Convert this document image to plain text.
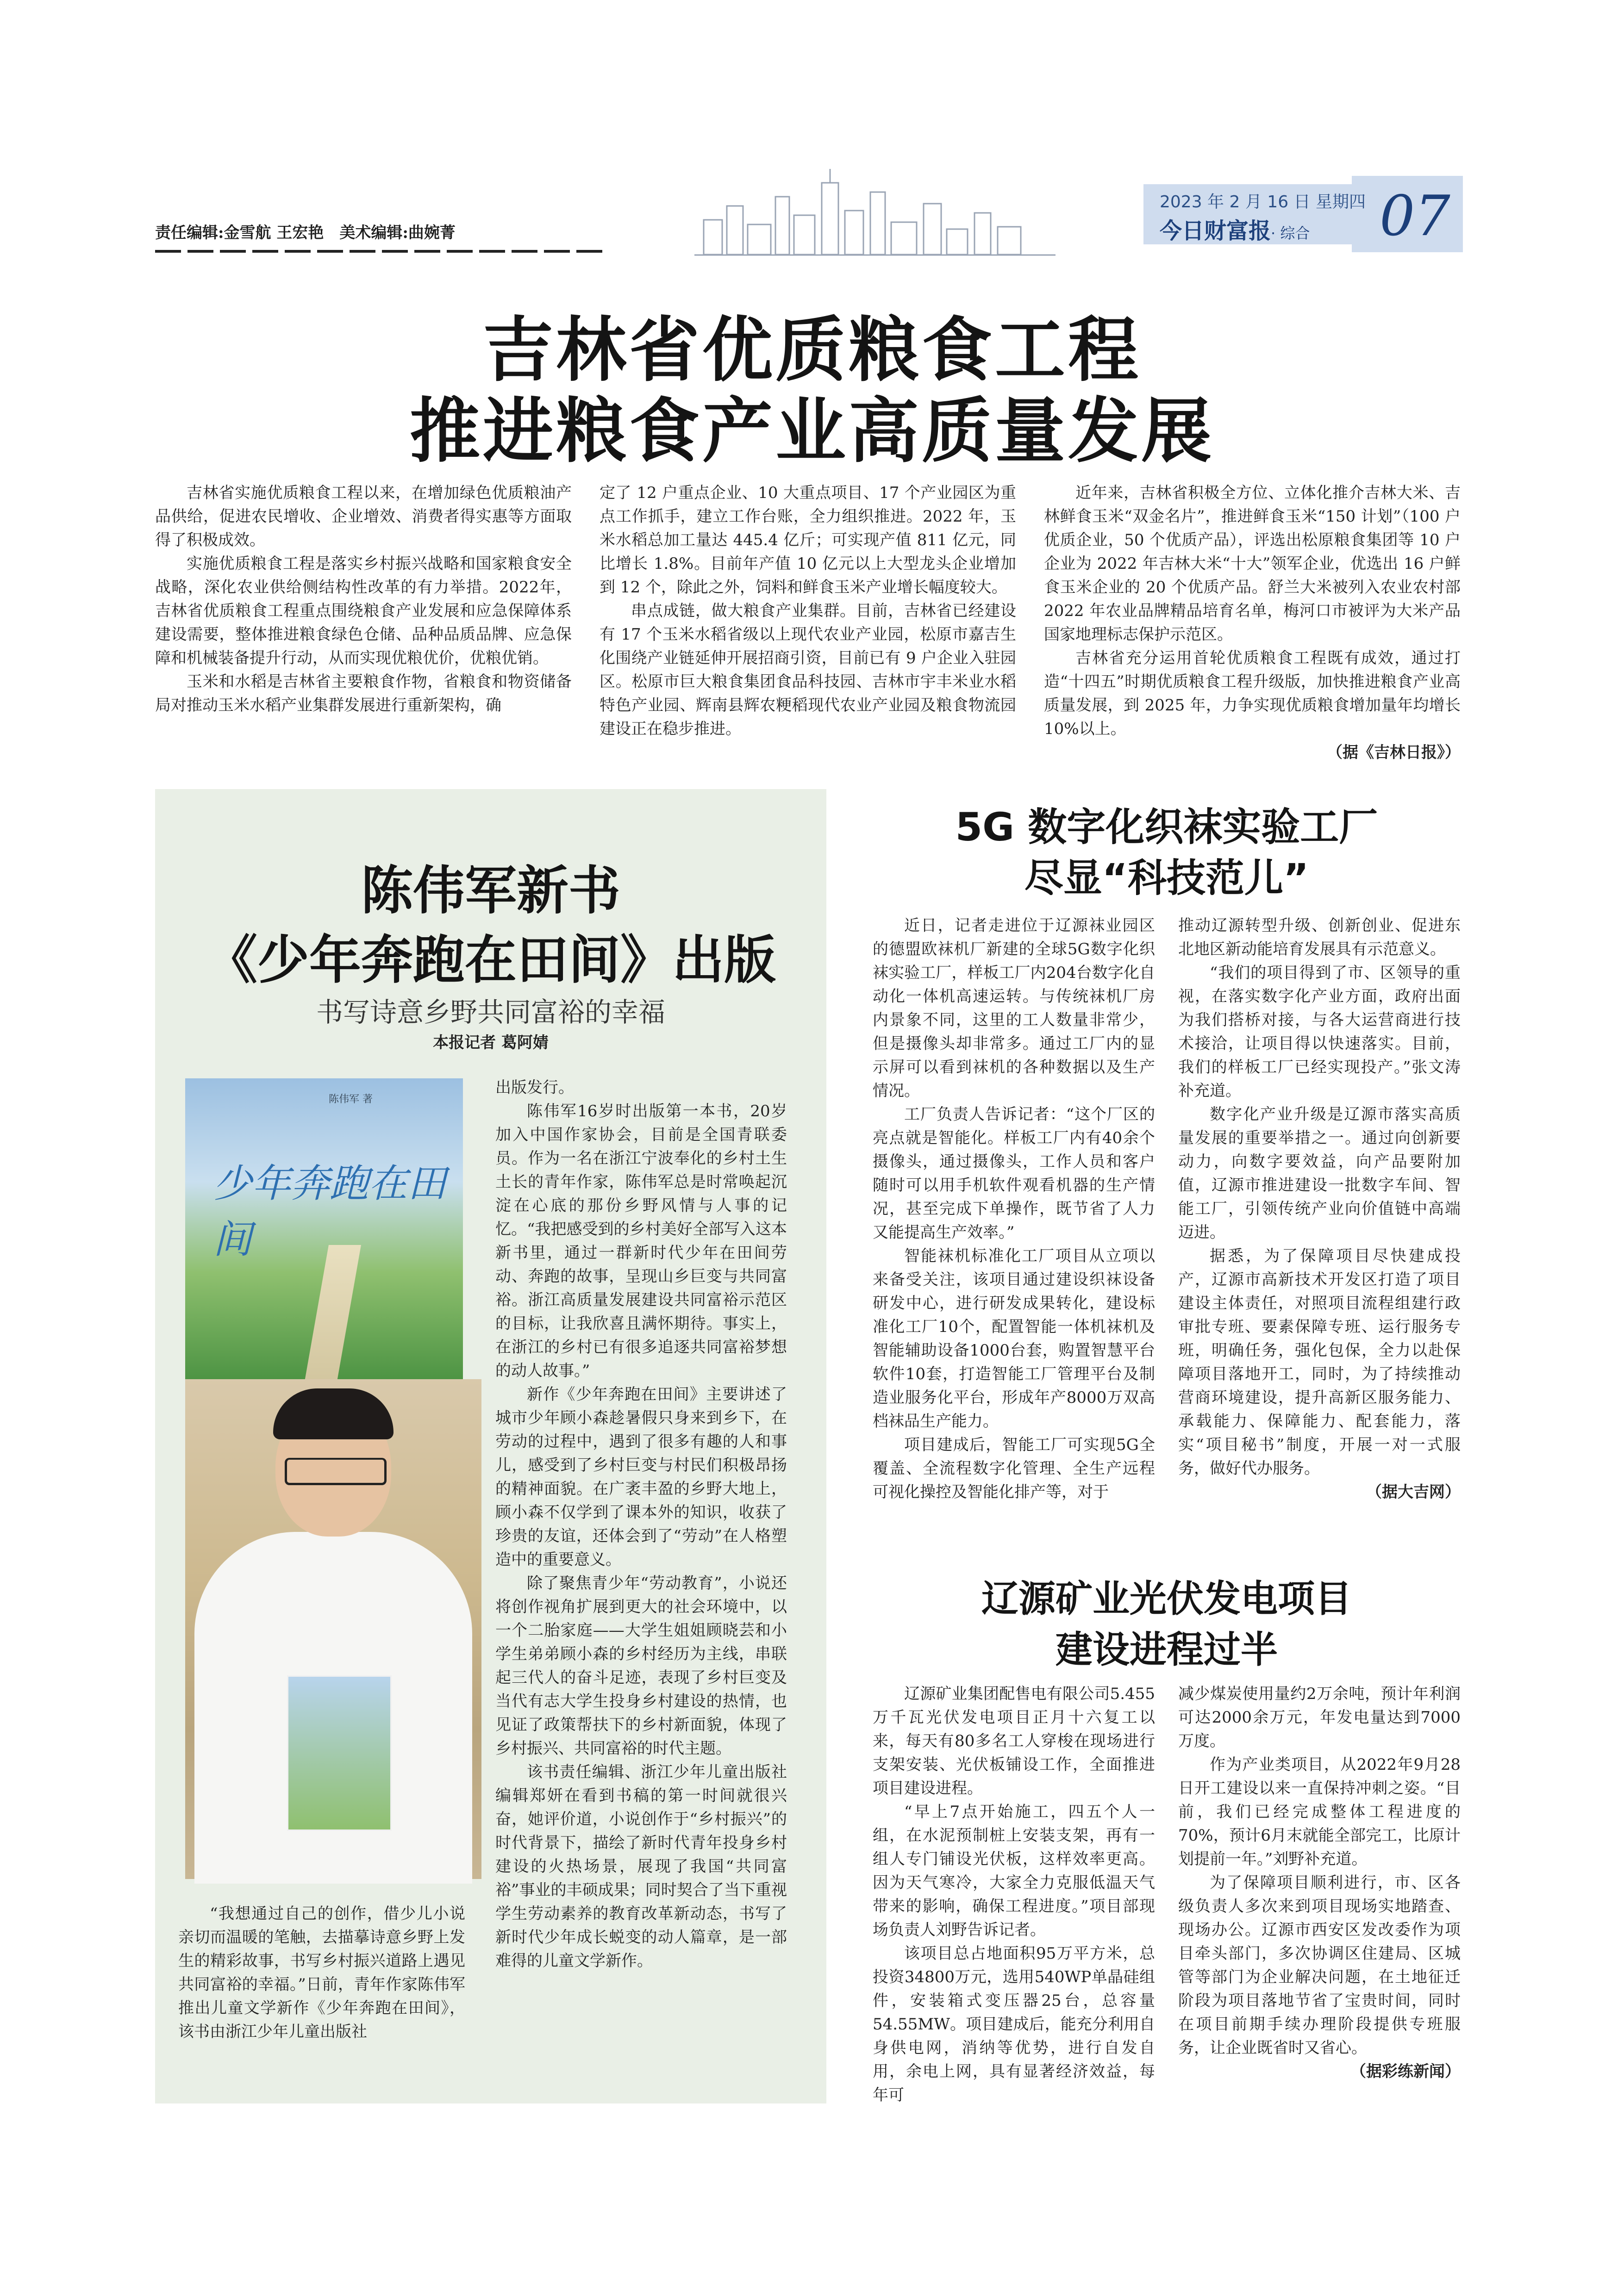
责任编辑:金雪航 王宏艳　美术编辑:曲婉菁
2023 年 2 月 16 日 星期四
今日财富报· 综合 07
吉林省优质粮食工程
推进粮食产业高质量发展

吉林省实施优质粮食工程以来，在增加绿色优质粮油产品供给，促进农民增收、企业增效、消费者得实惠等方面取得了积极成效。

实施优质粮食工程是落实乡村振兴战略和国家粮食安全战略，深化农业供给侧结构性改革的有力举措。2022年，吉林省优质粮食工程重点围绕粮食产业发展和应急保障体系建设需要，整体推进粮食绿色仓储、品种品质品牌、应急保障和机械装备提升行动，从而实现优粮优价，优粮优销。

玉米和水稻是吉林省主要粮食作物，省粮食和物资储备局对推动玉米水稻产业集群发展进行重新架构，确

定了 12 户重点企业、10 大重点项目、17 个产业园区为重点工作抓手，建立工作台账，全力组织推进。2022 年，玉米水稻总加工量达 445.4 亿斤；可实现产值 811 亿元，同比增长 1.8%。目前年产值 10 亿元以上大型龙头企业增加到 12 个，除此之外，饲料和鲜食玉米产业增长幅度较大。

串点成链，做大粮食产业集群。目前，吉林省已经建设有 17 个玉米水稻省级以上现代农业产业园，松原市嘉吉生化围绕产业链延伸开展招商引资，目前已有 9 户企业入驻园区。松原市巨大粮食集团食品科技园、吉林市宇丰米业水稻特色产业园、辉南县辉农粳稻现代农业产业园及粮食物流园建设正在稳步推进。

近年来，吉林省积极全方位、立体化推介吉林大米、吉林鲜食玉米“双金名片”，推进鲜食玉米“150 计划”（100 户优质企业，50 个优质产品），评选出松原粮食集团等 10 户企业为 2022 年吉林大米“十大”领军企业，优选出 16 户鲜食玉米企业的 20 个优质产品。舒兰大米被列入农业农村部 2022 年农业品牌精品培育名单，梅河口市被评为大米产品国家地理标志保护示范区。

吉林省充分运用首轮优质粮食工程既有成效，通过打造“十四五”时期优质粮食工程升级版，加快推进粮食产业高质量发展，到 2025 年，力争实现优质粮食增加量年均增长 10%以上。

（据《吉林日报》）
陈伟军新书
《少年奔跑在田间》出版
书写诗意乡野共同富裕的幸福
本报记者 葛阿婧
陈伟军 著
少年奔跑在田间

出版发行。

陈伟军16岁时出版第一本书，20岁加入中国作家协会，目前是全国青联委员。作为一名在浙江宁波奉化的乡村土生土长的青年作家，陈伟军总是时常唤起沉淀在心底的那份乡野风情与人事的记忆。“我把感受到的乡村美好全部写入这本新书里，通过一群新时代少年在田间劳动、奔跑的故事，呈现山乡巨变与共同富裕。浙江高质量发展建设共同富裕示范区的目标，让我欣喜且满怀期待。事实上，在浙江的乡村已有很多追逐共同富裕梦想的动人故事。”

新作《少年奔跑在田间》主要讲述了城市少年顾小森趁暑假只身来到乡下，在劳动的过程中，遇到了很多有趣的人和事儿，感受到了乡村巨变与村民们积极昂扬的精神面貌。在广袤丰盈的乡野大地上，顾小森不仅学到了课本外的知识，收获了珍贵的友谊，还体会到了“劳动”在人格塑造中的重要意义。

除了聚焦青少年“劳动教育”，小说还将创作视角扩展到更大的社会环境中，以一个二胎家庭——大学生姐姐顾晓芸和小学生弟弟顾小森的乡村经历为主线，串联起三代人的奋斗足迹，表现了乡村巨变及当代有志大学生投身乡村建设的热情，也见证了政策帮扶下的乡村新面貌，体现了乡村振兴、共同富裕的时代主题。

该书责任编辑、浙江少年儿童出版社编辑郑妍在看到书稿的第一时间就很兴奋，她评价道，小说创作于“乡村振兴”的时代背景下，描绘了新时代青年投身乡村建设的火热场景，展现了我国“共同富裕”事业的丰硕成果；同时契合了当下重视学生劳动素养的教育改革新动态，书写了新时代少年成长蜕变的动人篇章，是一部难得的儿童文学新作。

“我想通过自己的创作，借少儿小说亲切而温暖的笔触，去描摹诗意乡野上发生的精彩故事，书写乡村振兴道路上遇见共同富裕的幸福。”日前，青年作家陈伟军推出儿童文学新作《少年奔跑在田间》，该书由浙江少年儿童出版社

5G 数字化织袜实验工厂
尽显“科技范儿”

近日，记者走进位于辽源袜业园区的德盟欧袜机厂新建的全球5G数字化织袜实验工厂，样板工厂内204台数字化自动化一体机高速运转。与传统袜机厂房内景象不同，这里的工人数量非常少，但是摄像头却非常多。通过工厂内的显示屏可以看到袜机的各种数据以及生产情况。

工厂负责人告诉记者：“这个厂区的亮点就是智能化。样板工厂内有40余个摄像头，通过摄像头，工作人员和客户随时可以用手机软件观看机器的生产情况，甚至完成下单操作，既节省了人力又能提高生产效率。”

智能袜机标准化工厂项目从立项以来备受关注，该项目通过建设织袜设备研发中心，进行研发成果转化，建设标准化工厂10个，配置智能一体机袜机及智能辅助设备1000台套，购置智慧平台软件10套，打造智能工厂管理平台及制造业服务化平台，形成年产8000万双高档袜品生产能力。

项目建成后，智能工厂可实现5G全覆盖、全流程数字化管理、全生产远程可视化操控及智能化排产等，对于

推动辽源转型升级、创新创业、促进东北地区新动能培育发展具有示范意义。

“我们的项目得到了市、区领导的重视，在落实数字化产业方面，政府出面为我们搭桥对接，与各大运营商进行技术接洽，让项目得以快速落实。目前，我们的样板工厂已经实现投产。”张文涛补充道。

数字化产业升级是辽源市落实高质量发展的重要举措之一。通过向创新要动力，向数字要效益，向产品要附加值，辽源市推进建设一批数字车间、智能工厂，引领传统产业向价值链中高端迈进。

据悉，为了保障项目尽快建成投产，辽源市高新技术开发区打造了项目建设主体责任，对照项目流程组建行政审批专班、要素保障专班、运行服务专班，明确任务，强化包保，全力以赴保障项目落地开工，同时，为了持续推动营商环境建设，提升高新区服务能力、承载能力、保障能力、配套能力，落实“项目秘书”制度，开展一对一式服务，做好代办服务。

（据大吉网）
辽源矿业光伏发电项目
建设进程过半

辽源矿业集团配售电有限公司5.455万千瓦光伏发电项目正月十六复工以来，每天有80多名工人穿梭在现场进行支架安装、光伏板铺设工作，全面推进项目建设进程。

“早上7点开始施工，四五个人一组，在水泥预制桩上安装支架，再有一组人专门铺设光伏板，这样效率更高。因为天气寒冷，大家全力克服低温天气带来的影响，确保工程进度。”项目部现场负责人刘野告诉记者。

该项目总占地面积95万平方米，总投资34800万元，选用540WP单晶硅组件，安装箱式变压器25台，总容量54.55MW。项目建成后，能充分利用自身供电网，消纳等优势，进行自发自用，余电上网，具有显著经济效益，每年可

减少煤炭使用量约2万余吨，预计年利润可达2000余万元，年发电量达到7000万度。

作为产业类项目，从2022年9月28日开工建设以来一直保持冲刺之姿。“目前，我们已经完成整体工程进度的70%，预计6月末就能全部完工，比原计划提前一年。”刘野补充道。

为了保障项目顺利进行，市、区各级负责人多次来到项目现场实地踏查、现场办公。辽源市西安区发改委作为项目牵头部门，多次协调区住建局、区城管等部门为企业解决问题，在土地征迁阶段为项目落地节省了宝贵时间，同时在项目前期手续办理阶段提供专班服务，让企业既省时又省心。

（据彩练新闻）
